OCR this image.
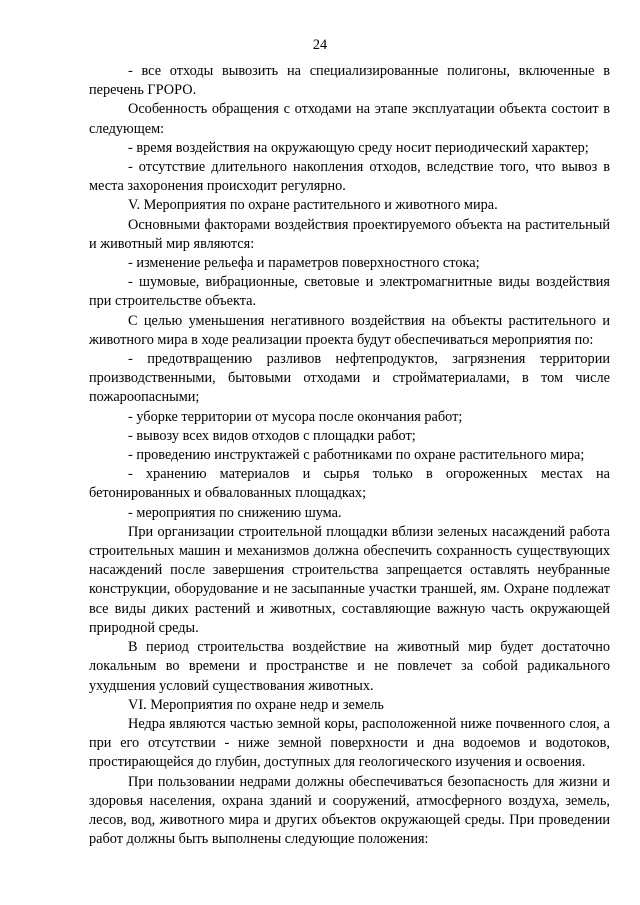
24

- все отходы вывозить на специализированные полигоны, включенные в перечень ГРОРО.

Особенность обращения с отходами на этапе эксплуатации объекта состоит в следующем:

- время воздействия на окружающую среду носит периодический характер;

- отсутствие длительного накопления отходов, вследствие того, что вывоз в места захоронения происходит регулярно.

V. Мероприятия по охране растительного и животного мира.

Основными факторами воздействия проектируемого объекта на растительный и животный мир являются:

- изменение рельефа и параметров поверхностного стока;

- шумовые, вибрационные, световые и электромагнитные виды воздействия при строительстве объекта.

С целью уменьшения негативного воздействия на объекты растительного и животного мира в ходе реализации проекта будут обеспечиваться мероприятия по:

- предотвращению разливов нефтепродуктов, загрязнения территории производственными, бытовыми отходами и стройматериалами, в том числе пожароопасными;

- уборке территории от мусора после окончания работ;

- вывозу всех видов отходов с площадки работ;

- проведению инструктажей с работниками по охране растительного мира;

- хранению материалов и сырья только в огороженных местах на бетонированных и обвалованных площадках;

- мероприятия по снижению шума.

При организации строительной площадки вблизи зеленых насаждений работа строительных машин и механизмов должна обеспечить сохранность существующих насаждений после завершения строительства запрещается оставлять неубранные конструкции, оборудование и не засыпанные участки траншей, ям. Охране подлежат все виды диких растений и животных, составляющие важную часть окружающей природной среды.

В период строительства воздействие на животный мир будет достаточно локальным во времени и пространстве и не повлечет за собой радикального ухудшения условий существования животных.

VI. Мероприятия по охране недр и земель

Недра являются частью земной коры, расположенной ниже почвенного слоя, а при его отсутствии - ниже земной поверхности и дна водоемов и водотоков, простирающейся до глубин, доступных для геологического изучения и освоения.

При пользовании недрами должны обеспечиваться безопасность для жизни и здоровья населения, охрана зданий и сооружений, атмосферного воздуха, земель, лесов, вод, животного мира и других объектов окружающей среды. При проведении работ должны быть выполнены следующие положения:
